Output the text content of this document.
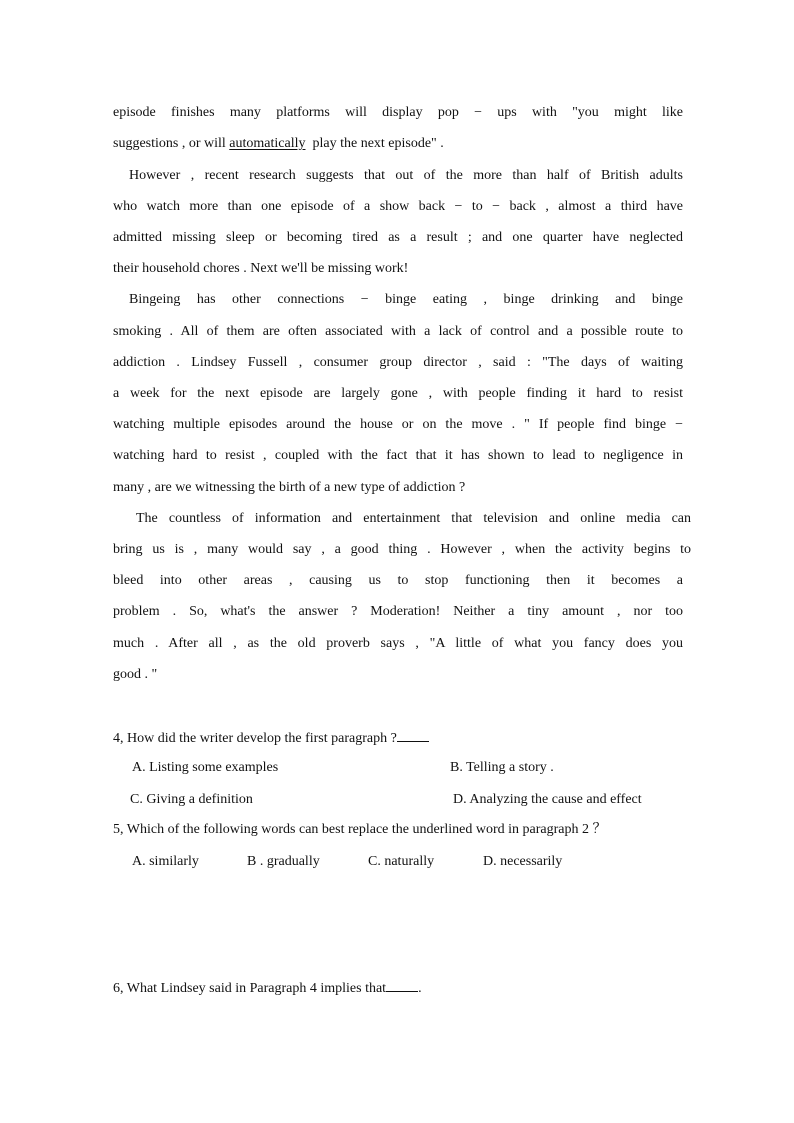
episode finishes many platforms will display pop − ups with "you might like
suggestions , or will automatically play the next episode" .
However , recent research suggests that out of the more than half of British adults
who watch more than one episode of a show back − to − back , almost a third have
admitted missing sleep or becoming tired as a result ; and one quarter have neglected
their household chores . Next we'll be missing work!
Bingeing has other connections − binge eating , binge drinking and binge
smoking . All of them are often associated with a lack of control and a possible route to
addiction . Lindsey Fussell , consumer group director , said : "The days of waiting
a week for the next episode are largely gone , with people finding it hard to resist
watching multiple episodes around the house or on the move . " If people find binge −
watching hard to resist , coupled with the fact that it has shown to lead to negligence in
many , are we witnessing the birth of a new type of addiction ?
The countless of information and entertainment that television and online media can
bring us is , many would say , a good thing . However , when the activity begins to
bleed into other areas , causing us to stop functioning then it becomes a
problem . So, what's the answer ? Moderation! Neither a tiny amount , nor too
much . After all , as the old proverb says , "A little of what you fancy does you
good . "
4, How did the writer develop the first paragraph ?
A. Listing some examples	B. Telling a story .
C. Giving a definition	D. Analyzing the cause and effect
5, Which of the following words can best replace the underlined word in paragraph 2 ？
A. similarly	B . gradually	C. naturally	D. necessarily
6, What Lindsey said in Paragraph 4 implies that .
